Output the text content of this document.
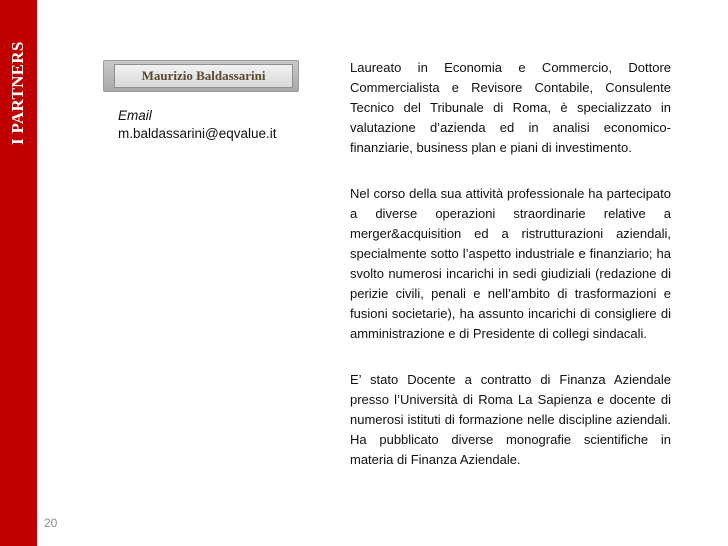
I PARTNERS	Maurizio Baldassarini
Email
m.baldassarini@eqvalue.it

Laureato in Economia e Commercio, Dottore Commercialista e Revisore Contabile, Consulente Tecnico del Tribunale di Roma, è specializzato in valutazione d’azienda ed in analisi economico-finanziarie, business plan e piani di investimento.

Nel corso della sua attività professionale ha partecipato a diverse operazioni straordinarie relative a merger&acquisition ed a ristrutturazioni aziendali, specialmente sotto l’aspetto industriale e finanziario; ha svolto numerosi incarichi in sedi giudiziali (redazione di perizie civili, penali e nell’ambito di trasformazioni e fusioni societarie), ha assunto incarichi di consigliere di amministrazione e di Presidente di collegi sindacali.

E’ stato Docente a contratto di Finanza Aziendale presso l’Università di Roma La Sapienza e docente di numerosi istituti di formazione nelle discipline aziendali. Ha pubblicato diverse monografie scientifiche in materia di Finanza Aziendale.

20
